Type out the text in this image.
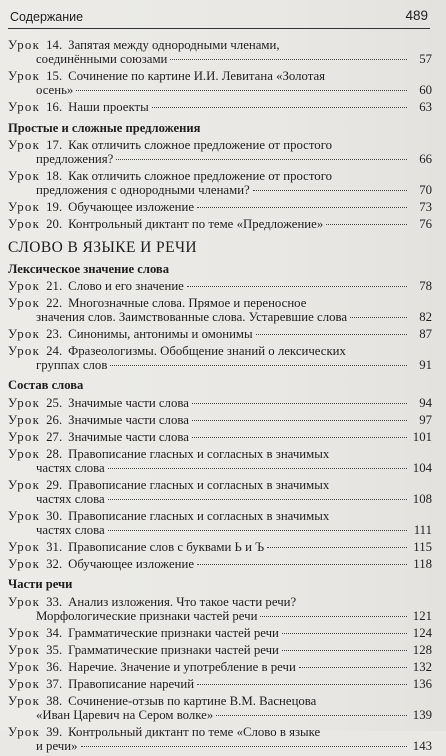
Содержание	489
Урок 14. Запятая между однородными членами,
соединёнными союзами	57
Урок 15. Сочинение по картине И.И. Левитана «Золотая
осень»	60
Урок 16. Наши проекты	63
Простые и сложные предложения
Урок 17. Как отличить сложное предложение от простого
предложения?	66
Урок 18. Как отличить сложное предложение от простого
предложения с однородными членами?	70
Урок 19. Обучающее изложение	73
Урок 20. Контрольный диктант по теме «Предложение»	76
СЛОВО В ЯЗЫКЕ И РЕЧИ
Лексическое значение слова
Урок 21. Слово и его значение	78
Урок 22. Многозначные слова. Прямое и переносное
значения слов. Заимствованные слова. Устаревшие слова	82
Урок 23. Синонимы, антонимы и омонимы	87
Урок 24. Фразеологизмы. Обобщение знаний о лексических
группах слов	91
Состав слова
Урок 25. Значимые части слова	94
Урок 26. Значимые части слова	97
Урок 27. Значимые части слова	101
Урок 28. Правописание гласных и согласных в значимых
частях слова	104
Урок 29. Правописание гласных и согласных в значимых
частях слова	108
Урок 30. Правописание гласных и согласных в значимых
частях слова	111
Урок 31. Правописание слов с буквами Ь и Ъ	115
Урок 32. Обучающее изложение	118
Части речи
Урок 33. Анализ изложения. Что такое части речи?
Морфологические признаки частей речи	121
Урок 34. Грамматические признаки частей речи	124
Урок 35. Грамматические признаки частей речи	128
Урок 36. Наречие. Значение и употребление в речи	132
Урок 37. Правописание наречий	136
Урок 38. Сочинение-отзыв по картине В.М. Васнецова
«Иван Царевич на Сером волке»	139
Урок 39. Контрольный диктант по теме «Слово в языке
и речи»	143
